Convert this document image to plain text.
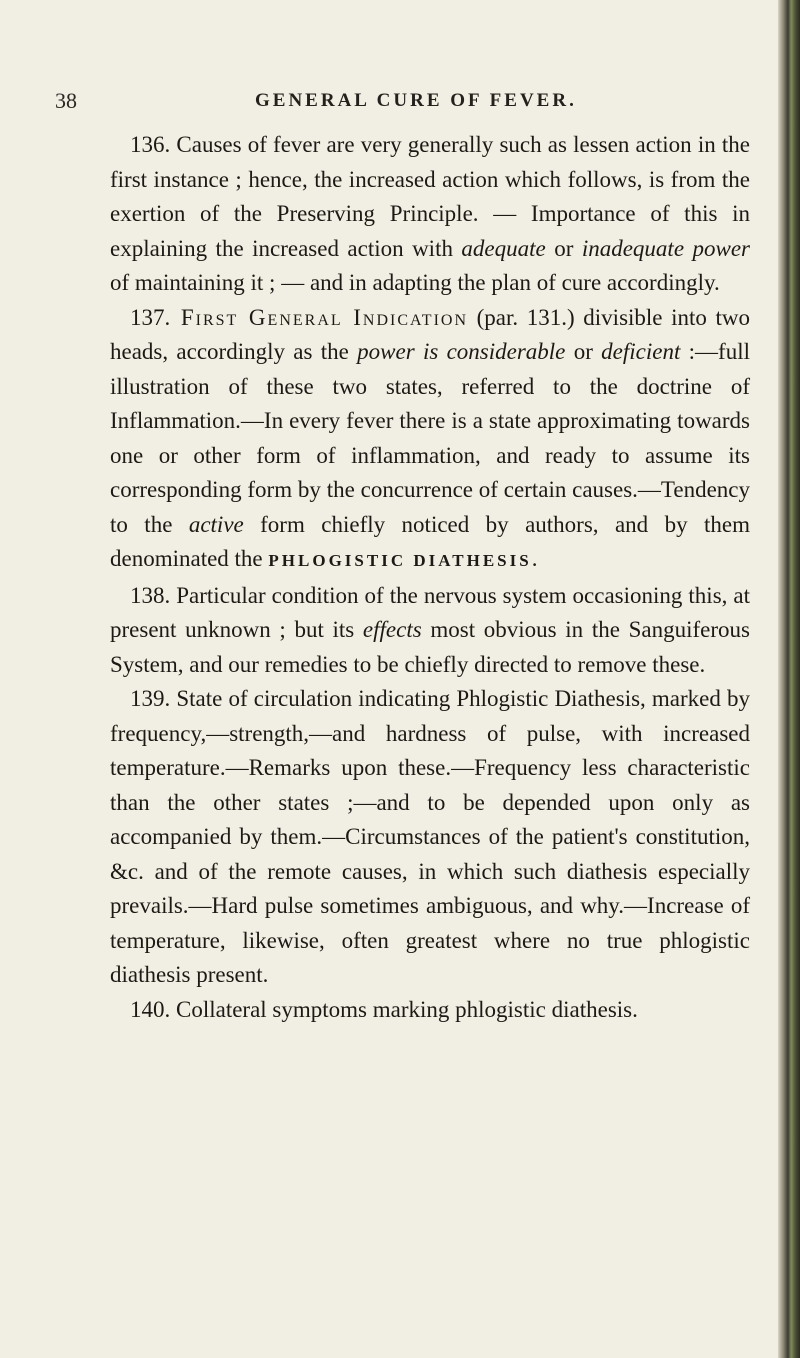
38	GENERAL CURE OF FEVER.

136. Causes of fever are very generally such as lessen action in the first instance ; hence, the increased action which follows, is from the exertion of the Preserving Principle. — Importance of this in explaining the increased action with adequate or inadequate power of maintaining it ; — and in adapting the plan of cure accordingly.

137. First General Indication (par. 131.) divisible into two heads, accordingly as the power is considerable or deficient :—full illustration of these two states, referred to the doctrine of Inflammation.—In every fever there is a state approximating towards one or other form of inflammation, and ready to assume its corresponding form by the concurrence of certain causes.—Tendency to the active form chiefly noticed by authors, and by them denominated the PHLOGISTIC DIATHESIS.

138. Particular condition of the nervous system occasioning this, at present unknown ; but its effects most obvious in the Sanguiferous System, and our remedies to be chiefly directed to remove these.

139. State of circulation indicating Phlogistic Diathesis, marked by frequency,—strength,—and hardness of pulse, with increased temperature.—Remarks upon these.—Frequency less characteristic than the other states ;—and to be depended upon only as accompanied by them.—Circumstances of the patient's constitution, &c. and of the remote causes, in which such diathesis especially prevails.—Hard pulse sometimes ambiguous, and why.—Increase of temperature, likewise, often greatest where no true phlogistic diathesis present.

140. Collateral symptoms marking phlogistic diathesis.
